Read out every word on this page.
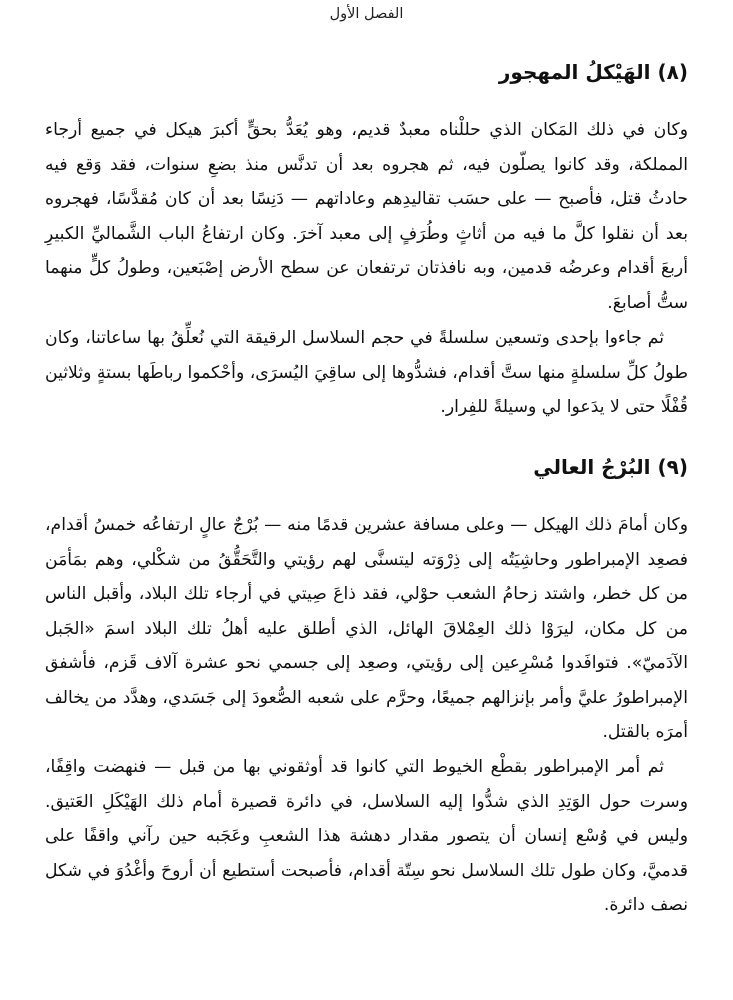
الفصل الأول
(٨) الهَيْكلُ المهجور

وكان في ذلك المَكان الذي حللْناه معبدٌ قديم، وهو يُعَدُّ بحقٍّ أكبرَ هيكل في جميع أرجاء المملكة، وقد كانوا يصلّون فيه، ثم هجروه بعد أن تدنَّس منذ بضعِ سنوات، فقد وَقع فيه حادثُ قتل، فأصبح — على حسَب تقاليدِهم وعاداتهم — دَنِسًا بعد أن كان مُقدَّسًا، فهجروه بعد أن نقلوا كلَّ ما فيه من أثاثٍ وطُرَفٍ إلى معبد آخرَ. وكان ارتفاعُ الباب الشَّماليِّ الكبيرِ أربعَ أقدام وعرضُه قدمين، وبه نافذتان ترتفعان عن سطح الأرض إصْبَعين، وطولُ كلٍّ منهما ستُّ أصابعَ.

ثم جاءوا بإحدى وتسعين سلسلةً في حجم السلاسل الرقيقة التي نُعلِّقُ بها ساعاتنا، وكان طولُ كلِّ سلسلةٍ منها ستَّ أقدام، فشدُّوها إلى ساقِيَ اليُسرَى، وأحْكموا رباطَها بستةٍ وثلاثين قُفْلًا حتى لا يدَعوا لي وسيلةً للفِرار.

(٩) البُرْجُ العالي

وكان أمامَ ذلك الهيكل — وعلى مسافة عشرين قدمًا منه — بُرْجٌ عالٍ ارتفاعُه خمسُ أقدام، فصعِد الإمبراطور وحاشِيَتُه إلى ذِرْوَته ليتسنَّى لهم رؤيتي والتَّحَقُّقُ من شكْلي، وهم بمَأمَن من كل خطر، واشتد زحامُ الشعب حوْلي، فقد ذاعَ صِيتي في أرجاء تلك البلاد، وأقبل الناس من كل مكان، ليرَوْا ذلك العِمْلاقَ الهائل، الذي أطلق عليه أهلُ تلك البلاد اسمَ «الجَبل الآدَميّ». فتوافَدوا مُسْرِعين إلى رؤيتي، وصعِد إلى جسمي نحو عشرة آلاف قَزم، فأشفق الإمبراطورُ عليَّ وأمر بإنزالهم جميعًا، وحرَّم على شعبه الصُّعودَ إلى جَسَدي، وهدَّد من يخالف أمرَه بالقتل.

ثم أمر الإمبراطور بقطْع الخيوط التي كانوا قد أوثقوني بها من قبل — فنهضت واقِفًا، وسرت حول الوَتِدِ الذي شدُّوا إليه السلاسل، في دائرة قصيرة أمام ذلك الهَيْكَلِ العَتيق. وليس في وُسْع إنسان أن يتصور مقدار دهشة هذا الشعبِ وعَجَبه حين رآني واقفًا على قدميَّ، وكان طول تلك السلاسل نحو سِتّة أقدام، فأصبحت أستطيع أن أروحَ وأغْدُوَ في شكل نصف دائرة.
